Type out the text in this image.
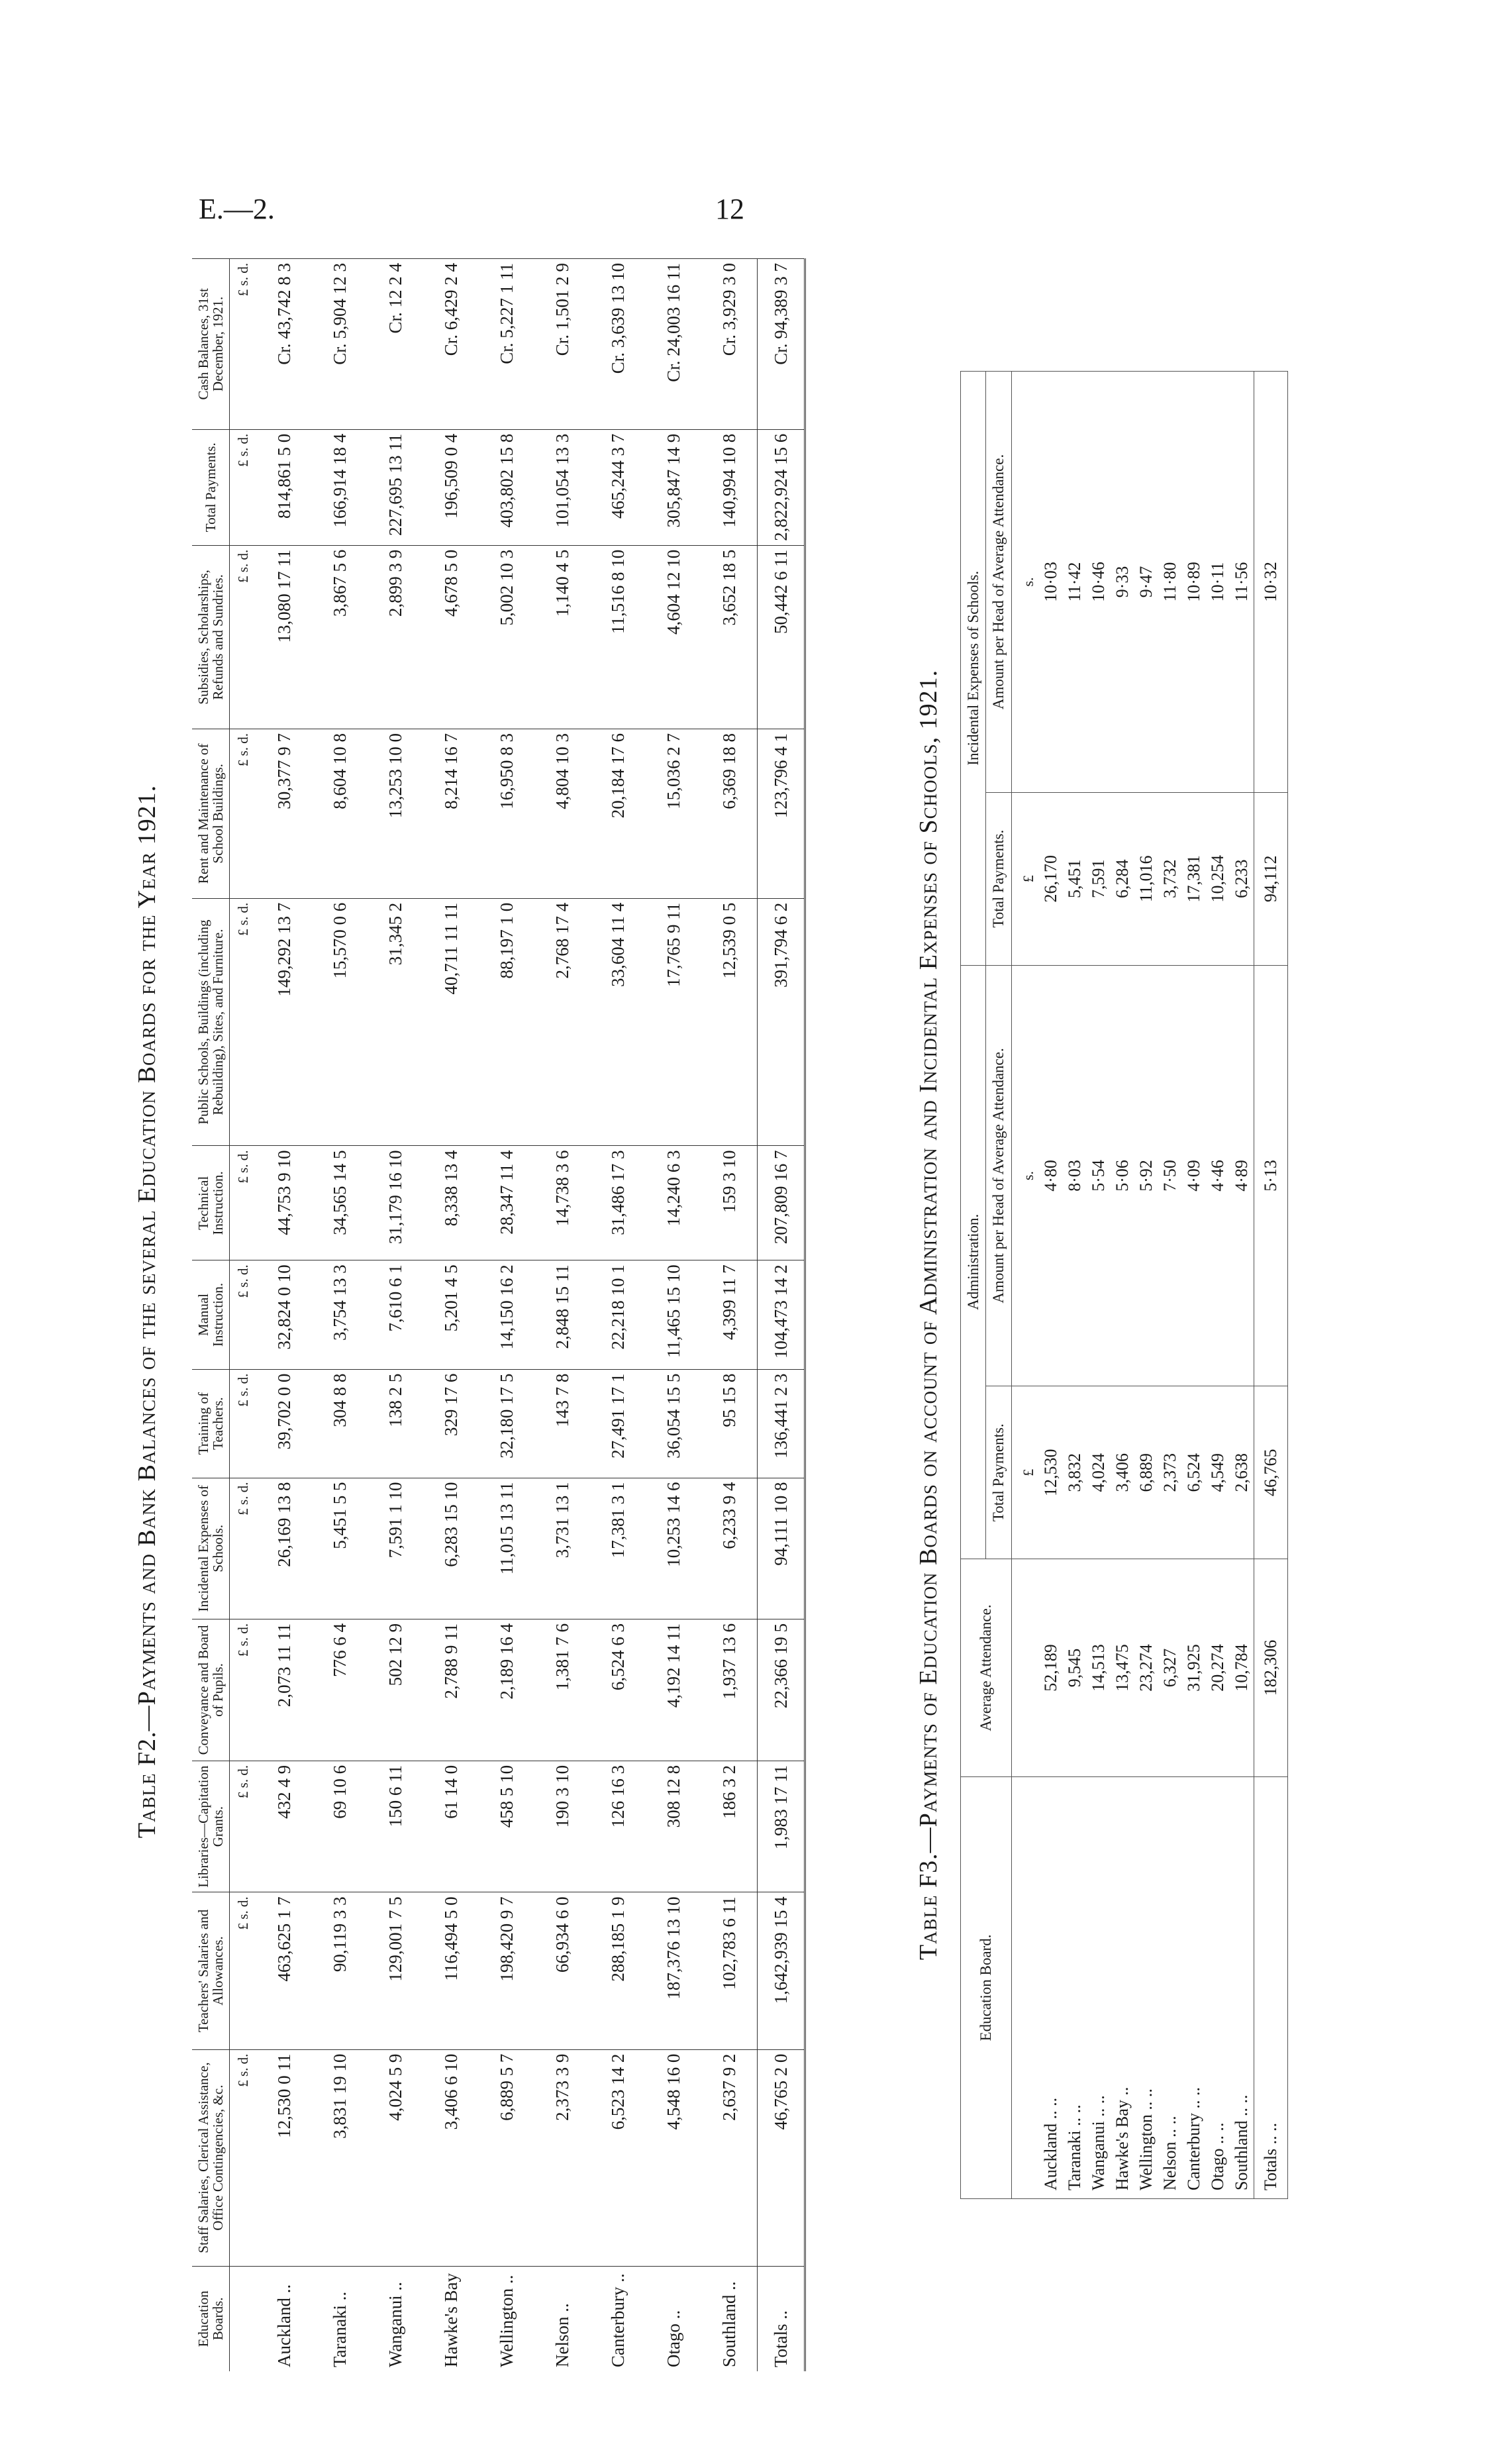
E.—2.	12
Table F2.—Payments and Bank Balances of the several Education Boards for the Year 1921.
Education Boards.	Staff Salaries, Clerical Assistance, Office Contingencies, &c.	Teachers' Salaries and Allowances.	Libraries—Capitation Grants.	Conveyance and Board of Pupils.	Incidental Expenses of Schools.	Training of Teachers.	Manual Instruction.	Technical Instruction.	Public Schools, Buildings (including Rebuilding), Sites, and Furniture.	Rent and Maintenance of School Buildings.	Subsidies, Scholarships, Refunds and Sundries.	Total Payments.	Cash Balances, 31st December, 1921.
	£ s. d.	£ s. d.	£ s. d.	£ s. d.	£ s. d.	£ s. d.	£ s. d.	£ s. d.	£ s. d.	£ s. d.	£ s. d.	£ s. d.	£ s. d.
Auckland ..	12,530 0 11	463,625 1 7	432 4 9	2,073 11 11	26,169 13 8	39,702 0 0	32,824 0 10	44,753 9 10	149,292 13 7	30,377 9 7	13,080 17 11	814,861 5 0	Cr. 43,742 8 3
Taranaki ..	3,831 19 10	90,119 3 3	69 10 6	776 6 4	5,451 5 5	304 8 8	3,754 13 3	34,565 14 5	15,570 0 6	8,604 10 8	3,867 5 6	166,914 18 4	Cr. 5,904 12 3
Wanganui ..	4,024 5 9	129,001 7 5	150 6 11	502 12 9	7,591 1 10	138 2 5	7,610 6 1	31,179 16 10	31,345 2	13,253 10 0	2,899 3 9	227,695 13 11	Cr. 12 2 4
Hawke's Bay	3,406 6 10	116,494 5 0	61 14 0	2,788 9 11	6,283 15 10	329 17 6	5,201 4 5	8,338 13 4	40,711 11 11	8,214 16 7	4,678 5 0	196,509 0 4	Cr. 6,429 2 4
Wellington ..	6,889 5 7	198,420 9 7	458 5 10	2,189 16 4	11,015 13 11	32,180 17 5	14,150 16 2	28,347 11 4	88,197 1 0	16,950 8 3	5,002 10 3	403,802 15 8	Cr. 5,227 1 11
Nelson ..	2,373 3 9	66,934 6 0	190 3 10	1,381 7 6	3,731 13 1	143 7 8	2,848 15 11	14,738 3 6	2,768 17 4	4,804 10 3	1,140 4 5	101,054 13 3	Cr. 1,501 2 9
Canterbury ..	6,523 14 2	288,185 1 9	126 16 3	6,524 6 3	17,381 3 1	27,491 17 1	22,218 10 1	31,486 17 3	33,604 11 4	20,184 17 6	11,516 8 10	465,244 3 7	Cr. 3,639 13 10
Otago ..	4,548 16 0	187,376 13 10	308 12 8	4,192 14 11	10,253 14 6	36,054 15 5	11,465 15 10	14,240 6 3	17,765 9 11	15,036 2 7	4,604 12 10	305,847 14 9	Cr. 24,003 16 11
Southland ..	2,637 9 2	102,783 6 11	186 3 2	1,937 13 6	6,233 9 4	95 15 8	4,399 11 7	159 3 10	12,539 0 5	6,369 18 8	3,652 18 5	140,994 10 8	Cr. 3,929 3 0
Totals ..	46,765 2 0	1,642,939 15 4	1,983 17 11	22,366 19 5	94,111 10 8	136,441 2 3	104,473 14 2	207,809 16 7	391,794 6 2	123,796 4 1	50,442 6 11	2,822,924 15 6	Cr. 94,389 3 7
Table F3.—Payments of Education Boards on account of Administration and Incidental Expenses of Schools, 1921.
Education Board.	Average Attendance.	Administration.		Incidental Expenses of Schools.	
		Total Payments.	Amount per Head of Average Attendance.	Total Payments.	Amount per Head of Average Attendance.
		£	s.	£	s.
Auckland .. ..	52,189	12,530	4·80	26,170	10·03
Taranaki .. ..	9,545	3,832	8·03	5,451	11·42
Wanganui .. ..	14,513	4,024	5·54	7,591	10·46
Hawke's Bay ..	13,475	3,406	5·06	6,284	9·33
Wellington .. ..	23,274	6,889	5·92	11,016	9·47
Nelson .. ..	6,327	2,373	7·50	3,732	11·80
Canterbury .. ..	31,925	6,524	4·09	17,381	10·89
Otago .. ..	20,274	4,549	4·46	10,254	10·11
Southland .. ..	10,784	2,638	4·89	6,233	11·56
Totals .. ..	182,306	46,765	5·13	94,112	10·32
